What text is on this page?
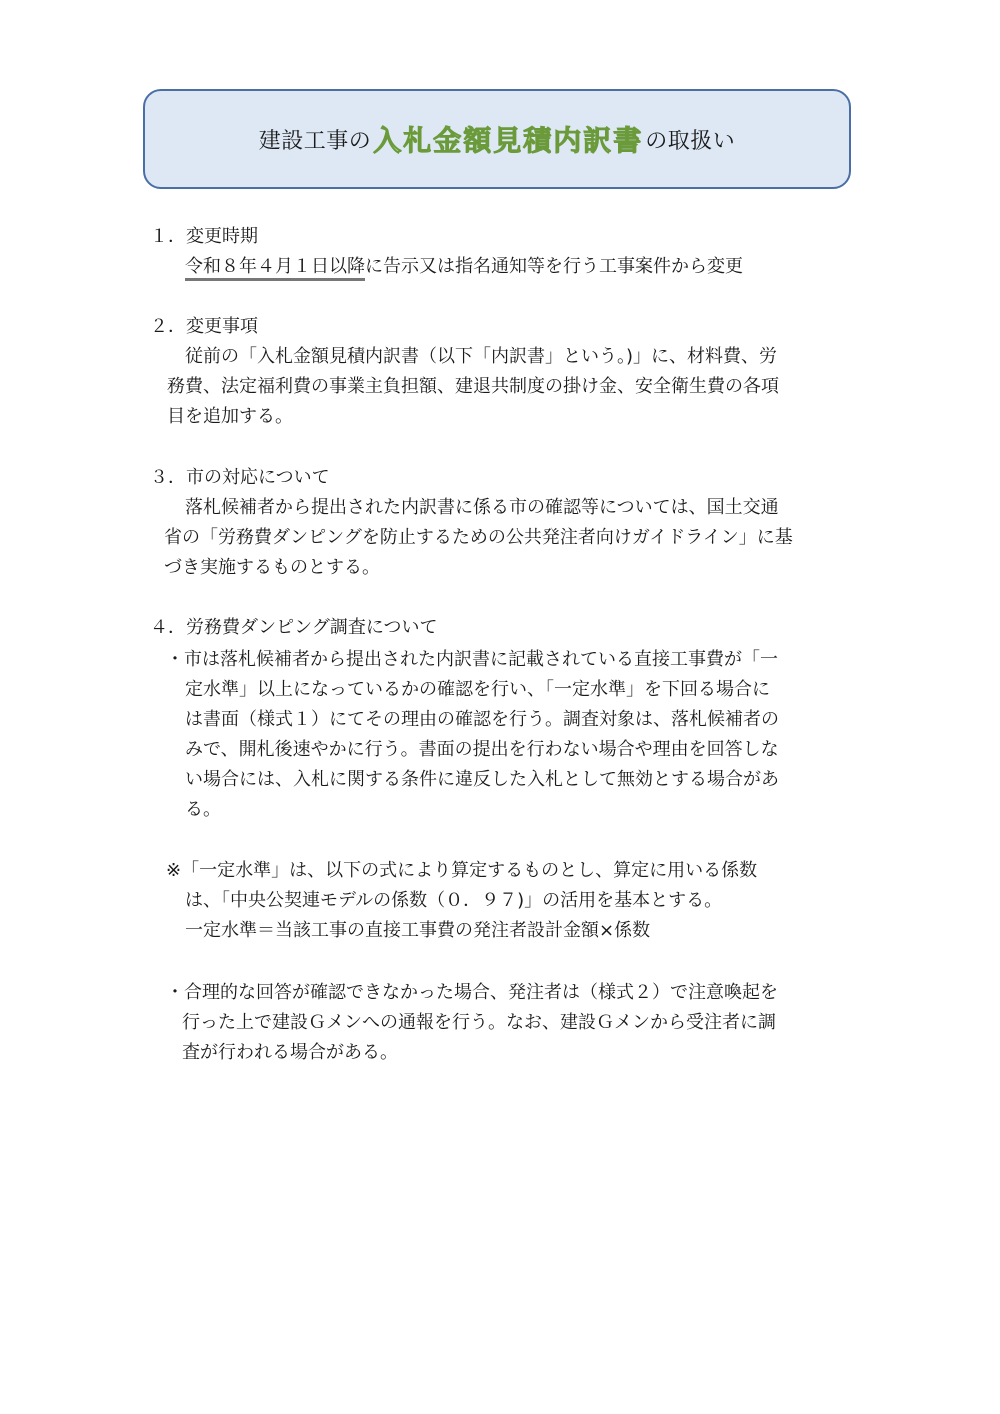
建設工事の 入札金額見積内訳書 の取扱い
１．変更時期
令和８年４月１日以降に告示又は指名通知等を行う工事案件から変更
２．変更事項
従前の「入札金額見積内訳書（以下「内訳書」という。)」に、材料費、労
務費、法定福利費の事業主負担額、建退共制度の掛け金、安全衛生費の各項
目を追加する。
３．市の対応について
落札候補者から提出された内訳書に係る市の確認等については、国土交通
省の「労務費ダンピングを防止するための公共発注者向けガイドライン」に基
づき実施するものとする。
４．労務費ダンピング調査について
・市は落札候補者から提出された内訳書に記載されている直接工事費が「一
定水準」以上になっているかの確認を行い、「一定水準」を下回る場合に
は書面（様式１）にてその理由の確認を行う。調査対象は、落札候補者の
みで、開札後速やかに行う。書面の提出を行わない場合や理由を回答しな
い場合には、入札に関する条件に違反した入札として無効とする場合があ
る。
※「一定水準」は、以下の式により算定するものとし、算定に用いる係数
は、「中央公契連モデルの係数（０．９７)」の活用を基本とする。
一定水準＝当該工事の直接工事費の発注者設計金額×係数
・合理的な回答が確認できなかった場合、発注者は（様式２）で注意喚起を
行った上で建設Ｇメンへの通報を行う。なお、建設Ｇメンから受注者に調
査が行われる場合がある。
